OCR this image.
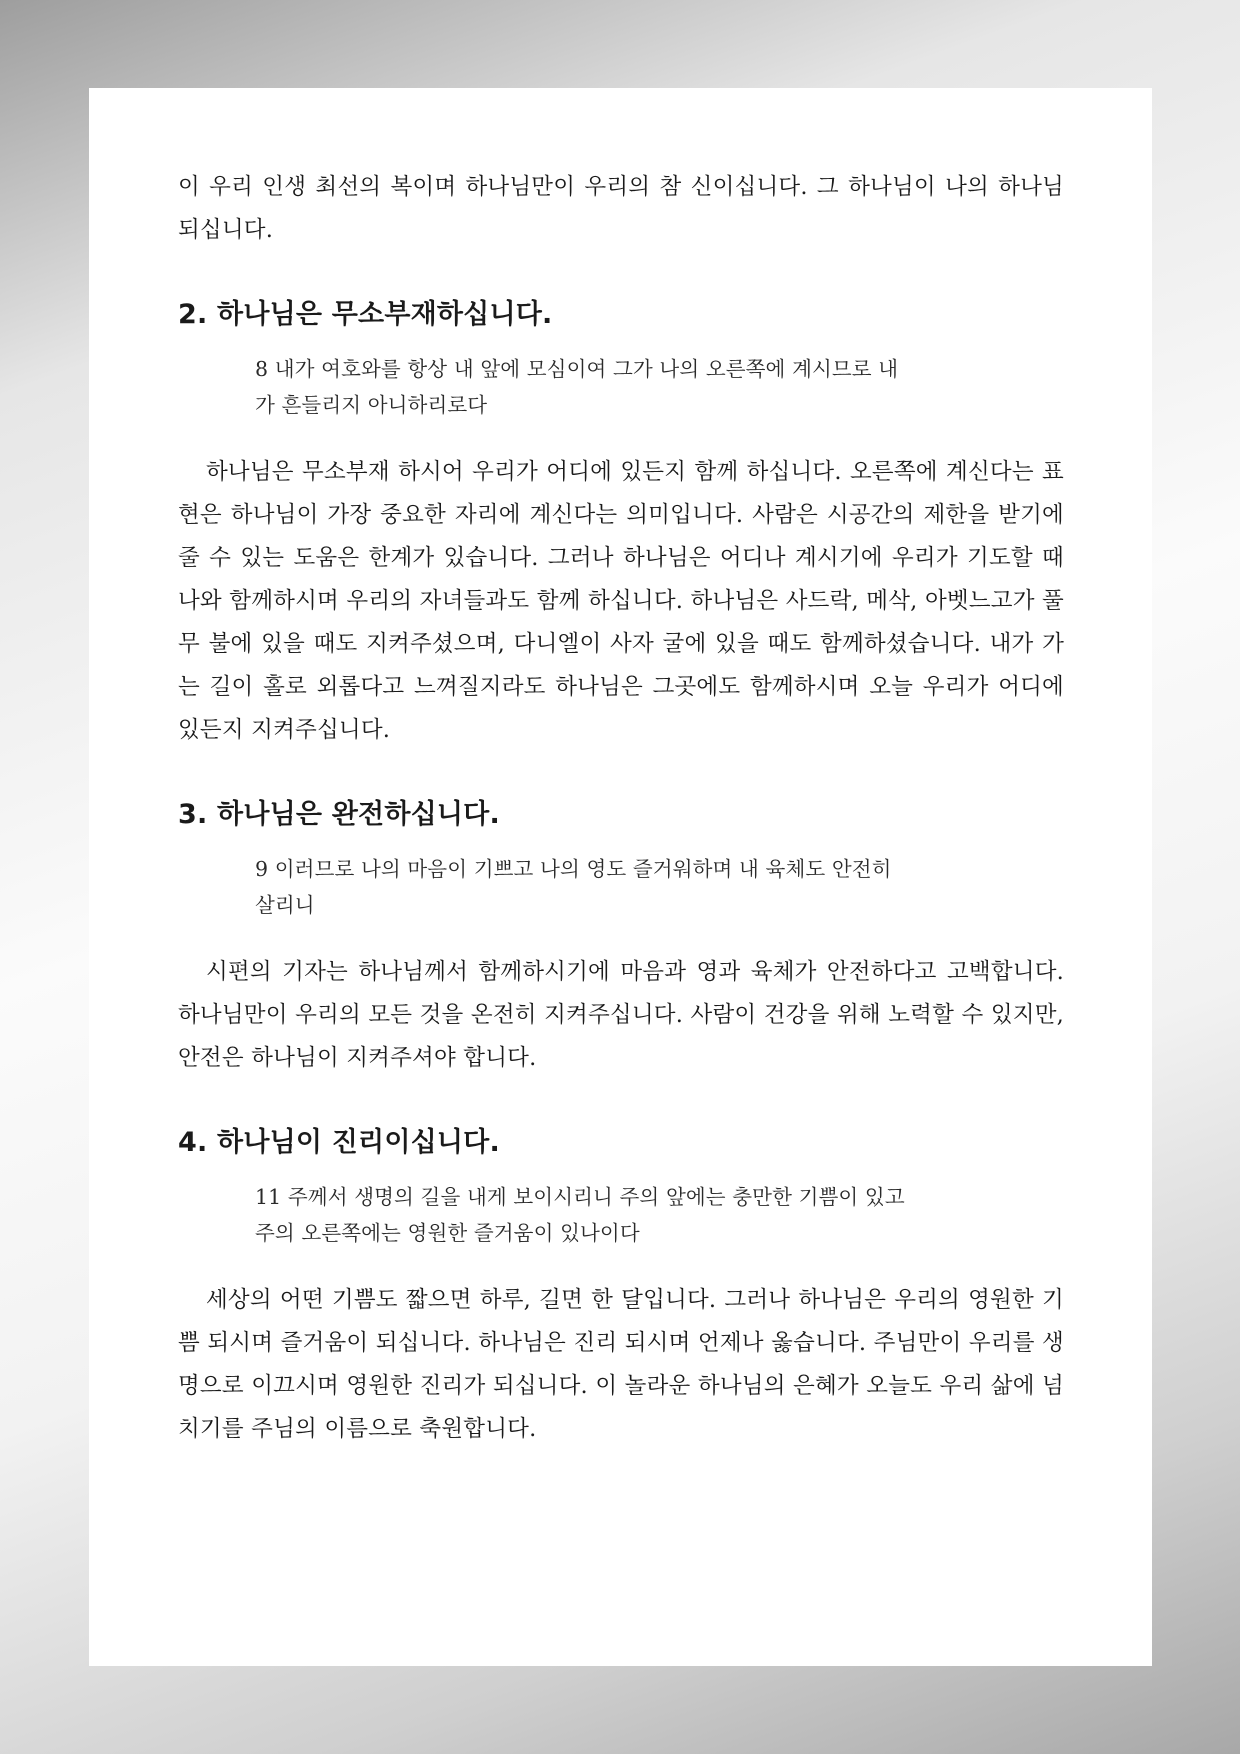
이 우리 인생 최선의 복이며 하나님만이 우리의 참 신이십니다. 그 하나님이 나의 하나님 되십니다.

2. 하나님은 무소부재하십니다.

8 내가 여호와를 항상 내 앞에 모심이여 그가 나의 오른쪽에 계시므로 내가 흔들리지 아니하리로다

하나님은 무소부재 하시어 우리가 어디에 있든지 함께 하십니다. 오른쪽에 계신다는 표현은 하나님이 가장 중요한 자리에 계신다는 의미입니다. 사람은 시공간의 제한을 받기에 줄 수 있는 도움은 한계가 있습니다. 그러나 하나님은 어디나 계시기에 우리가 기도할 때 나와 함께하시며 우리의 자녀들과도 함께 하십니다. 하나님은 사드락, 메삭, 아벳느고가 풀무 불에 있을 때도 지켜주셨으며, 다니엘이 사자 굴에 있을 때도 함께하셨습니다. 내가 가는 길이 홀로 외롭다고 느껴질지라도 하나님은 그곳에도 함께하시며 오늘 우리가 어디에 있든지 지켜주십니다.

3. 하나님은 완전하십니다.

9 이러므로 나의 마음이 기쁘고 나의 영도 즐거워하며 내 육체도 안전히 살리니

시편의 기자는 하나님께서 함께하시기에 마음과 영과 육체가 안전하다고 고백합니다. 하나님만이 우리의 모든 것을 온전히 지켜주십니다. 사람이 건강을 위해 노력할 수 있지만, 안전은 하나님이 지켜주셔야 합니다.

4. 하나님이 진리이십니다.

11 주께서 생명의 길을 내게 보이시리니 주의 앞에는 충만한 기쁨이 있고 주의 오른쪽에는 영원한 즐거움이 있나이다

세상의 어떤 기쁨도 짧으면 하루, 길면 한 달입니다. 그러나 하나님은 우리의 영원한 기쁨 되시며 즐거움이 되십니다. 하나님은 진리 되시며 언제나 옳습니다. 주님만이 우리를 생명으로 이끄시며 영원한 진리가 되십니다. 이 놀라운 하나님의 은혜가 오늘도 우리 삶에 넘치기를 주님의 이름으로 축원합니다.
